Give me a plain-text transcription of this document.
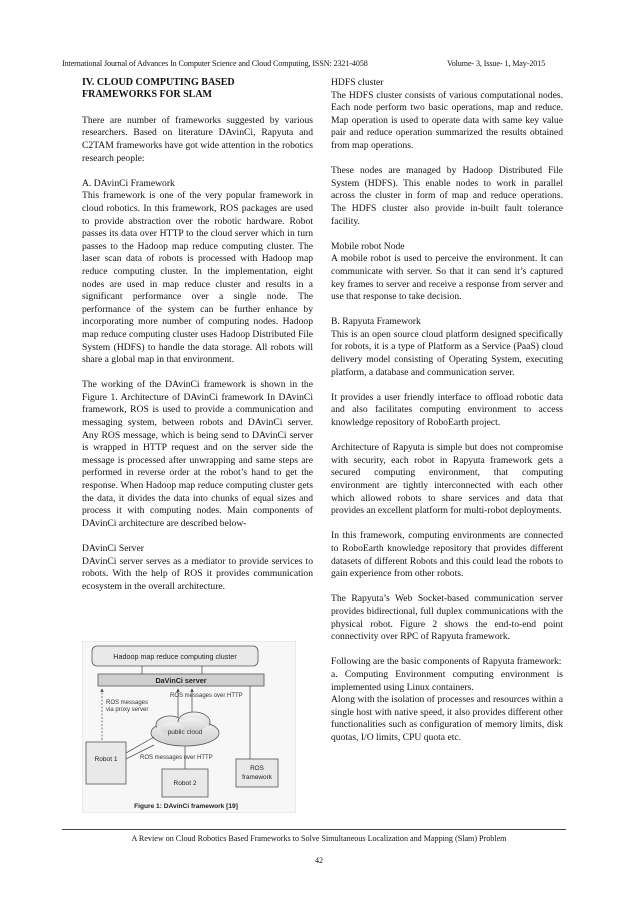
International Journal of Advances In Computer Science and Cloud Computing, ISSN: 2321-4058	Volume- 3, Issue- 1, May-2015
IV. CLOUD COMPUTING BASED
FRAMEWORKS FOR SLAM

There are number of frameworks suggested by various researchers. Based on literature DAvinCi, Rapyuta and C2TAM frameworks have got wide attention in the robotics research people:

A. DAvinCi Framework

This framework is one of the very popular framework in cloud robotics. In this framework, ROS packages are used to provide abstraction over the robotic hardware. Robot passes its data over HTTP to the cloud server which in turn passes to the Hadoop map reduce computing cluster. The laser scan data of robots is processed with Hadoop map reduce computing cluster. In the implementation, eight nodes are used in map reduce cluster and results in a significant performance over a single node. The performance of the system can be further enhance by incorporating more number of computing nodes. Hadoop map reduce computing cluster uses Hadoop Distributed File System (HDFS) to handle the data storage. All robots will share a global map in that environment.

The working of the DAvinCi framework is shown in the Figure 1. Architecture of DAvinCi framework In DAvinCi framework, ROS is used to provide a communication and messaging system, between robots and DAvinCi server. Any ROS message, which is being send to DAvinCi server is wrapped in HTTP request and on the server side the message is processed after unwrapping and same steps are performed in reverse order at the robot’s hand to get the response. When Hadoop map reduce computing cluster gets the data, it divides the data into chunks of equal sizes and process it with computing nodes. Main components of DAvinCi architecture are described below-

DAvinCi Server

DAvinCi server serves as a mediator to provide services to robots. With the help of ROS it provides communication ecosystem in the overall architecture.

Hadoop map reduce computing cluster
DaVinCi server
ROS messages over HTTP
ROS messages
via proxy server
public cloud
Robot 1	ROS messages over HTTP
ROS
framework
Robot 2
Figure 1: DAvinCi framework [19]

HDFS cluster

The HDFS cluster consists of various computational nodes. Each node perform two basic operations, map and reduce. Map operation is used to operate data with same key value pair and reduce operation summarized the results obtained from map operations.

These nodes are managed by Hadoop Distributed File System (HDFS). This enable nodes to work in parallel across the cluster in form of map and reduce operations. The HDFS cluster also provide in-built fault tolerance facility.

Mobile robot Node

A mobile robot is used to perceive the environment. It can communicate with server. So that it can send it’s captured key frames to server and receive a response from server and use that response to take decision.

B. Rapyuta Framework

This is an open source cloud platform designed specifically for robots, it is a type of Platform as a Service (PaaS) cloud delivery model consisting of Operating System, executing platform, a database and communication server.

It provides a user friendly interface to offload robotic data and also facilitates computing environment to access knowledge repository of RoboEarth project.

Architecture of Rapyuta is simple but does not compromise with security, each robot in Rapyuta framework gets a secured computing environment, that computing environment are tightly interconnected with each other which allowed robots to share services and data that provides an excellent platform for multi-robot deployments.

In this framework, computing environments are connected to RoboEarth knowledge repository that provides different datasets of different Robots and this could lead the robots to gain experience from other robots.

The Rapyuta’s Web Socket-based communication server provides bidirectional, full duplex communications with the physical robot. Figure 2 shows the end-to-end point connectivity over RPC of Rapyuta framework.

Following are the basic components of Rapyuta framework:

a. Computing Environment computing environment is implemented using Linux containers.

Along with the isolation of processes and resources within a single host with native speed, it also provides different other functionalities such as configuration of memory limits, disk quotas, I/O limits, CPU quota etc.

A Review on Cloud Robotics Based Frameworks to Solve Simultaneous Localization and Mapping (Slam) Problem
42
